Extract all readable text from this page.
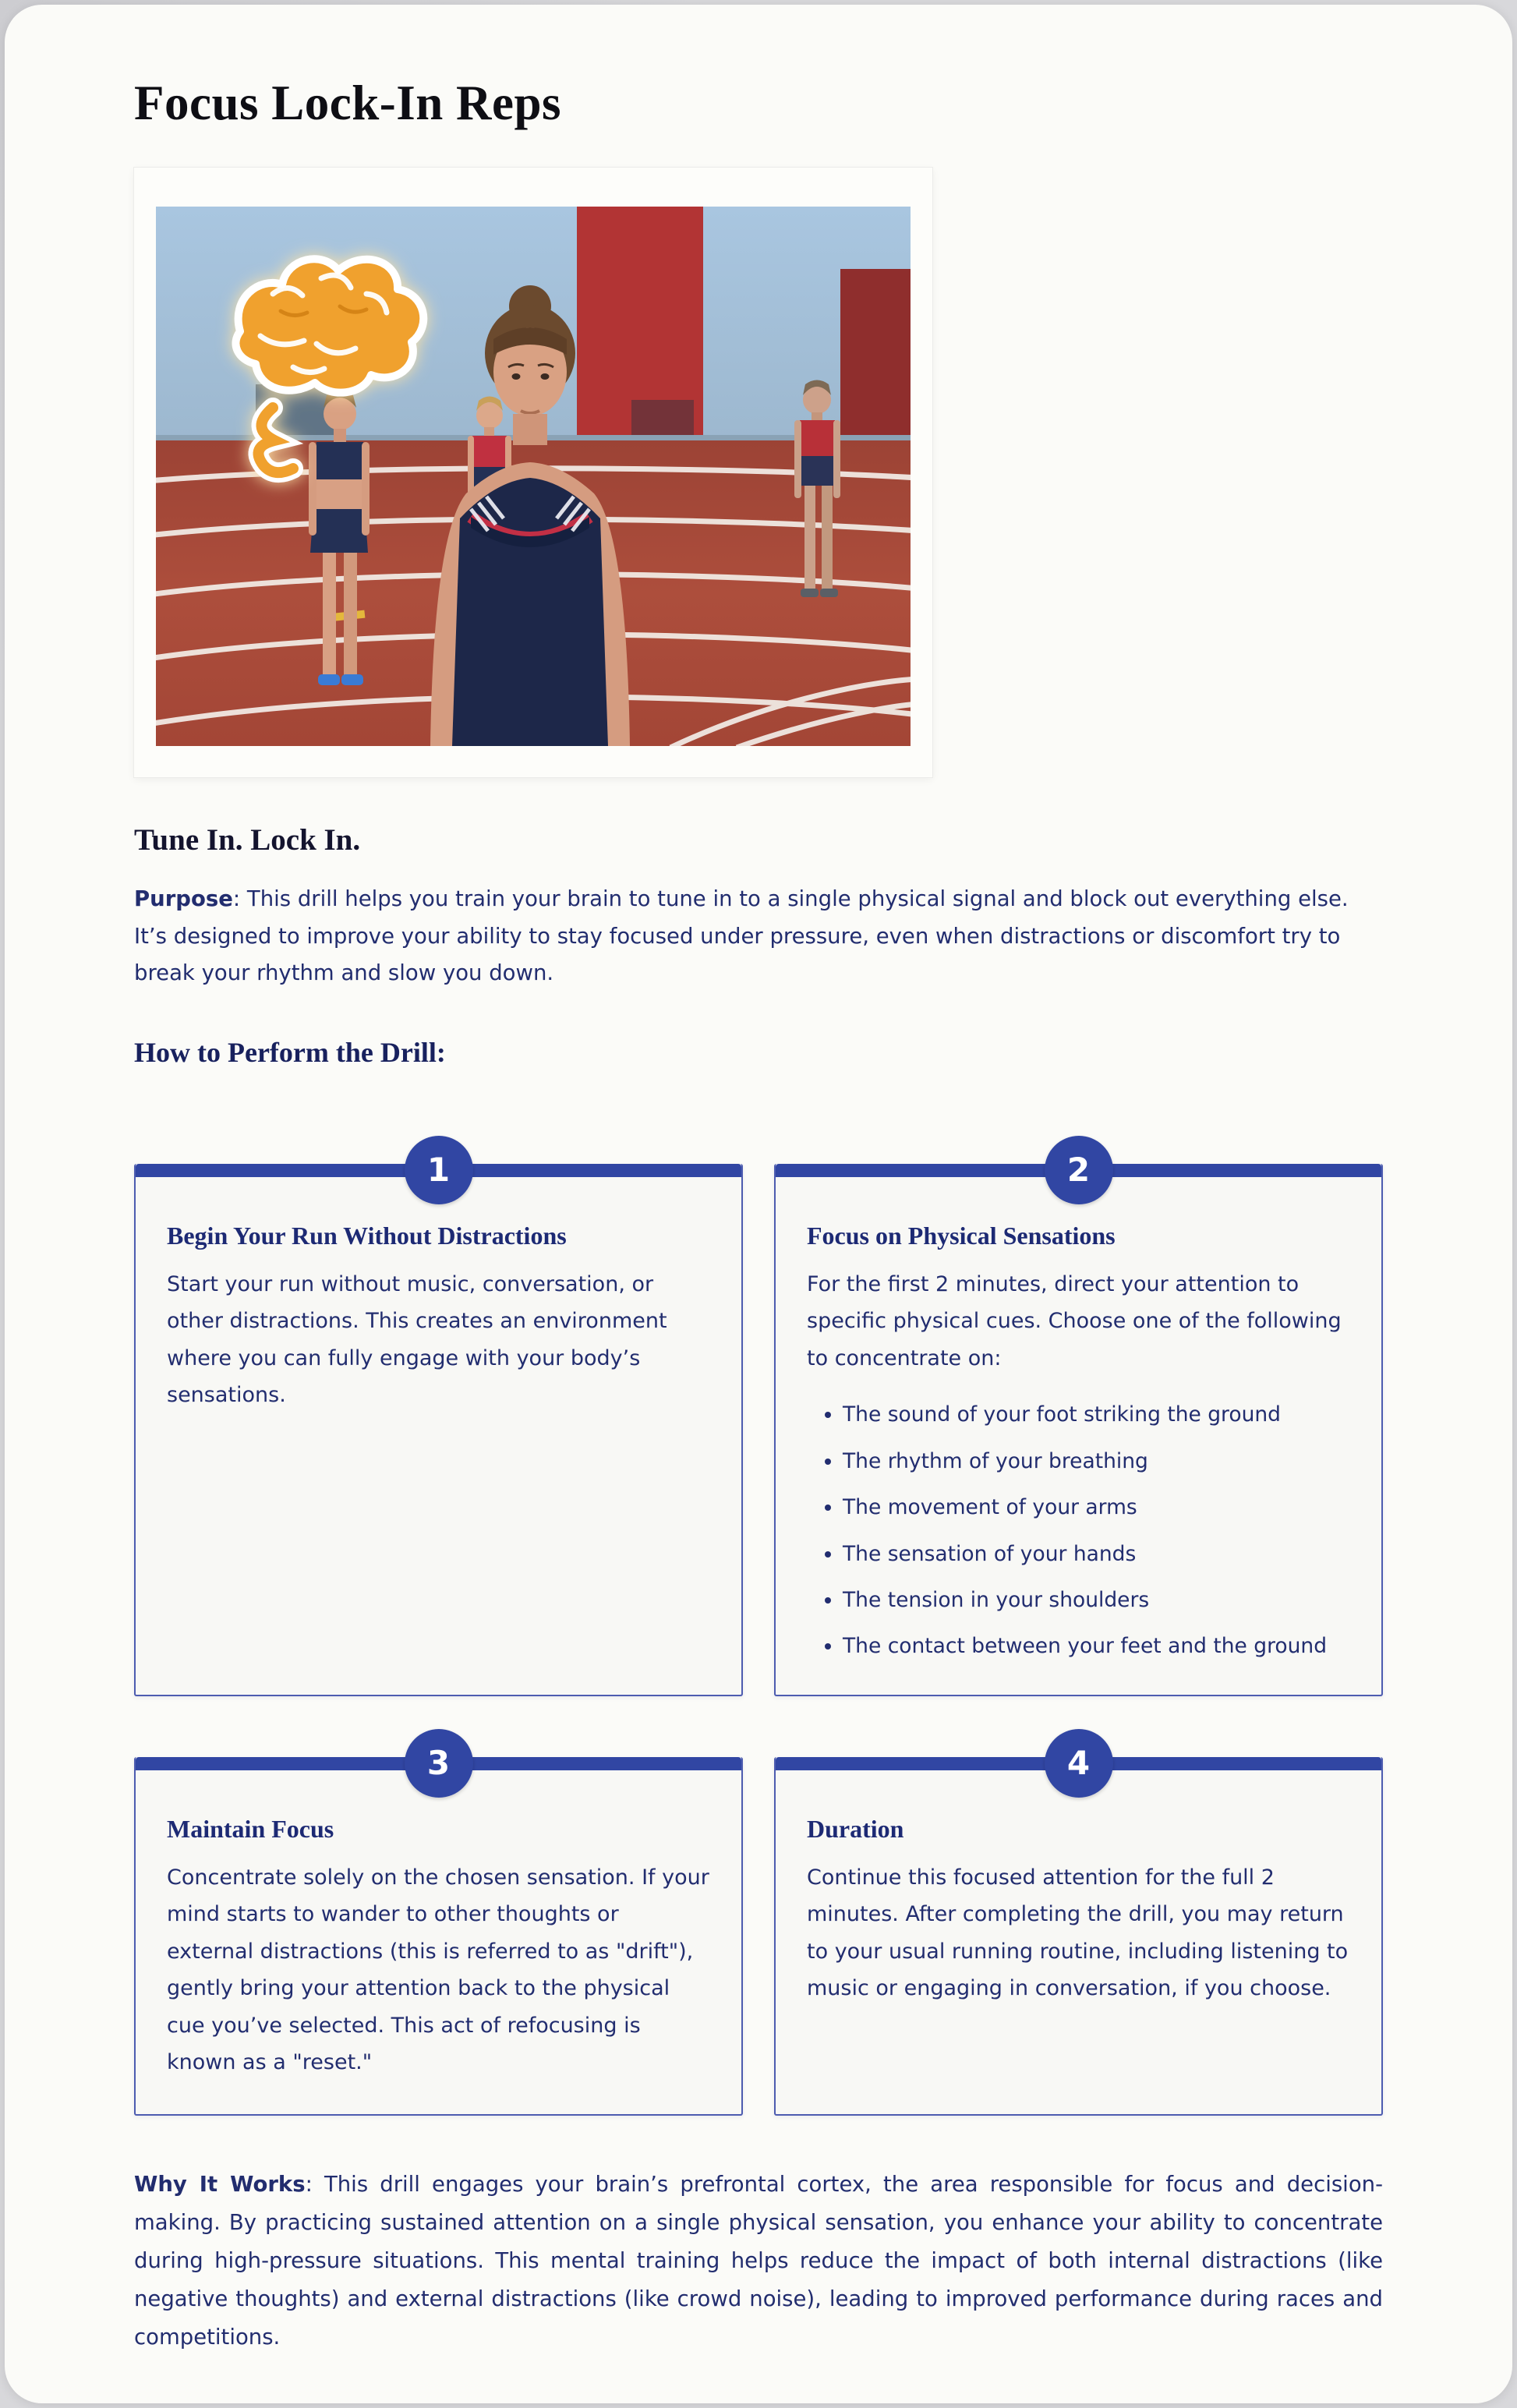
Focus Lock-In Reps
Tune In. Lock In.

Purpose: This drill helps you train your brain to tune in to a single physical signal and block out everything else. It’s designed to improve your ability to stay focused under pressure, even when distractions or discomfort try to break your rhythm and slow you down.

How to Perform the Drill:
1
Begin Your Run Without Distractions

Start your run without music, conversation, or other distractions. This creates an environment where you can fully engage with your body’s sensations.

2
Focus on Physical Sensations

For the first 2 minutes, direct your attention to specific physical cues. Choose one of the following to concentrate on:

• The sound of your foot striking the ground
• The rhythm of your breathing
• The movement of your arms
• The sensation of your hands
• The tension in your shoulders
• The contact between your feet and the ground
3
Maintain Focus

Concentrate solely on the chosen sensation. If your mind starts to wander to other thoughts or external distractions (this is referred to as "drift"), gently bring your attention back to the physical cue you’ve selected. This act of refocusing is known as a "reset."

4
Duration

Continue this focused attention for the full 2 minutes. After completing the drill, you may return to your usual running routine, including listening to music or engaging in conversation, if you choose.

Why It Works: This drill engages your brain’s prefrontal cortex, the area responsible for focus and decision-making. By practicing sustained attention on a single physical sensation, you enhance your ability to concentrate during high-pressure situations. This mental training helps reduce the impact of both internal distractions (like negative thoughts) and external distractions (like crowd noise), leading to improved performance during races and competitions.
